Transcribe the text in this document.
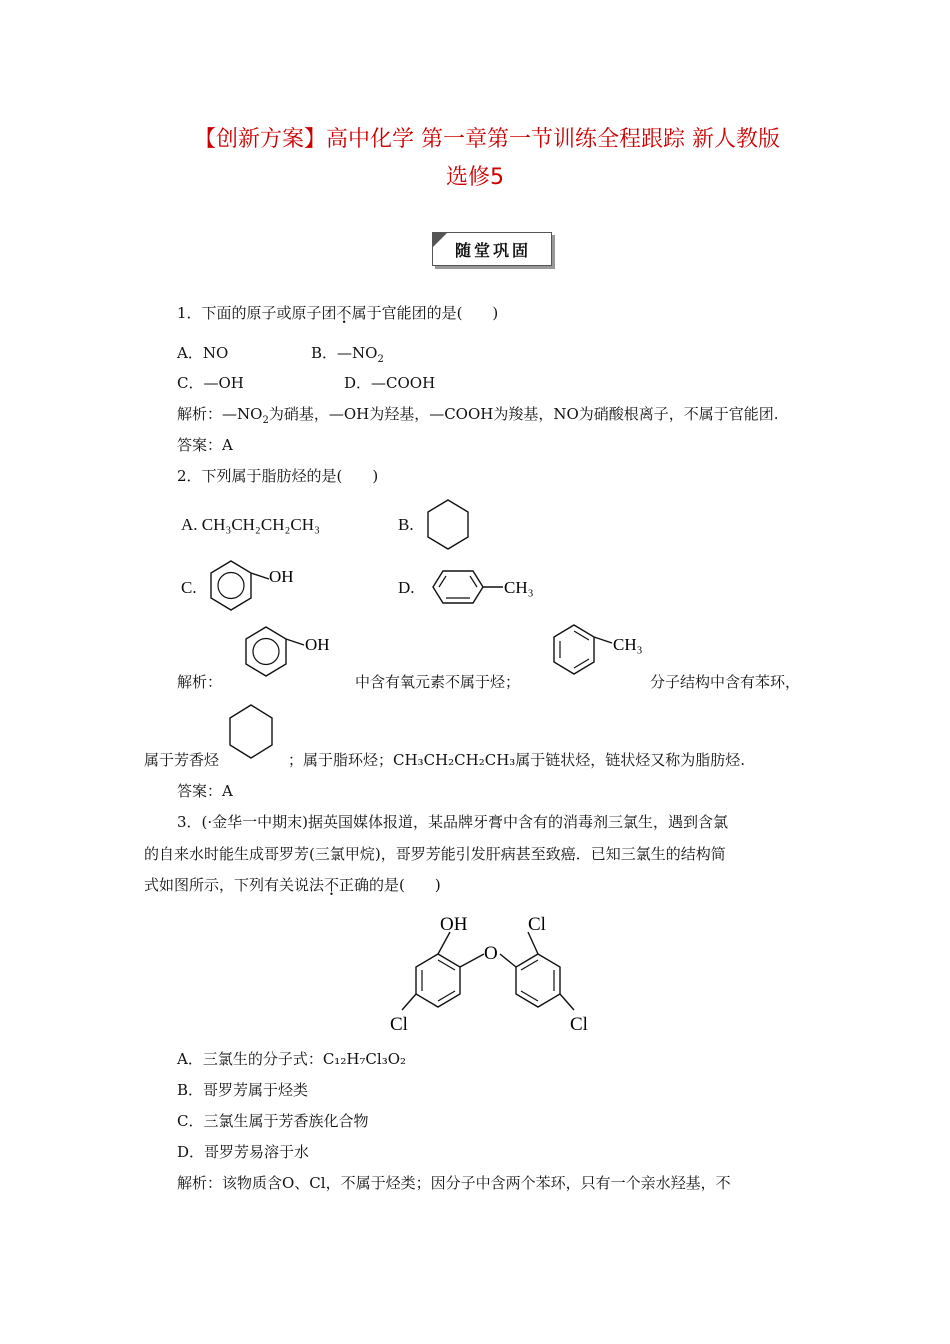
【创新方案】高中化学 第一章第一节训练全程跟踪 新人教版
选修5
随堂巩固
1．下面的原子或原子团不属于官能团的是(　　)
A．NO	B．$—NO_2$
C．—OH	D．—COOH
解析：$—NO_2$为硝基，—OH为羟基，—COOH为羧基，NO为硝酸根离子，不属于官能团.
答案：A
2．下列属于脂肪烃的是(　　)
A. CH₃CH₂CH₂CH₃	B.
C.
OH
D.	CH₃
解析：
OH
中含有氧元素不属于烃；
CH₃
分子结构中含有苯环，
属于芳香烃	；属于脂环烃；CH₃CH₂CH₂CH₃属于链状烃，链状烃又称为脂肪烃.
答案：A
3．(·金华一中期末)据英国媒体报道，某品牌牙膏中含有的消毒剂三氯生，遇到含氯
的自来水时能生成哥罗芳(三氯甲烷)，哥罗芳能引发肝病甚至致癌．已知三氯生的结构简
式如图所示，下列有关说法不正确的是(　　)
OH
O
Cl
Cl
Cl
A．三氯生的分子式：C₁₂H₇Cl₃O₂
B．哥罗芳属于烃类
C．三氯生属于芳香族化合物
D．哥罗芳易溶于水
解析：该物质含O、Cl，不属于烃类；因分子中含两个苯环，只有一个亲水羟基，不
